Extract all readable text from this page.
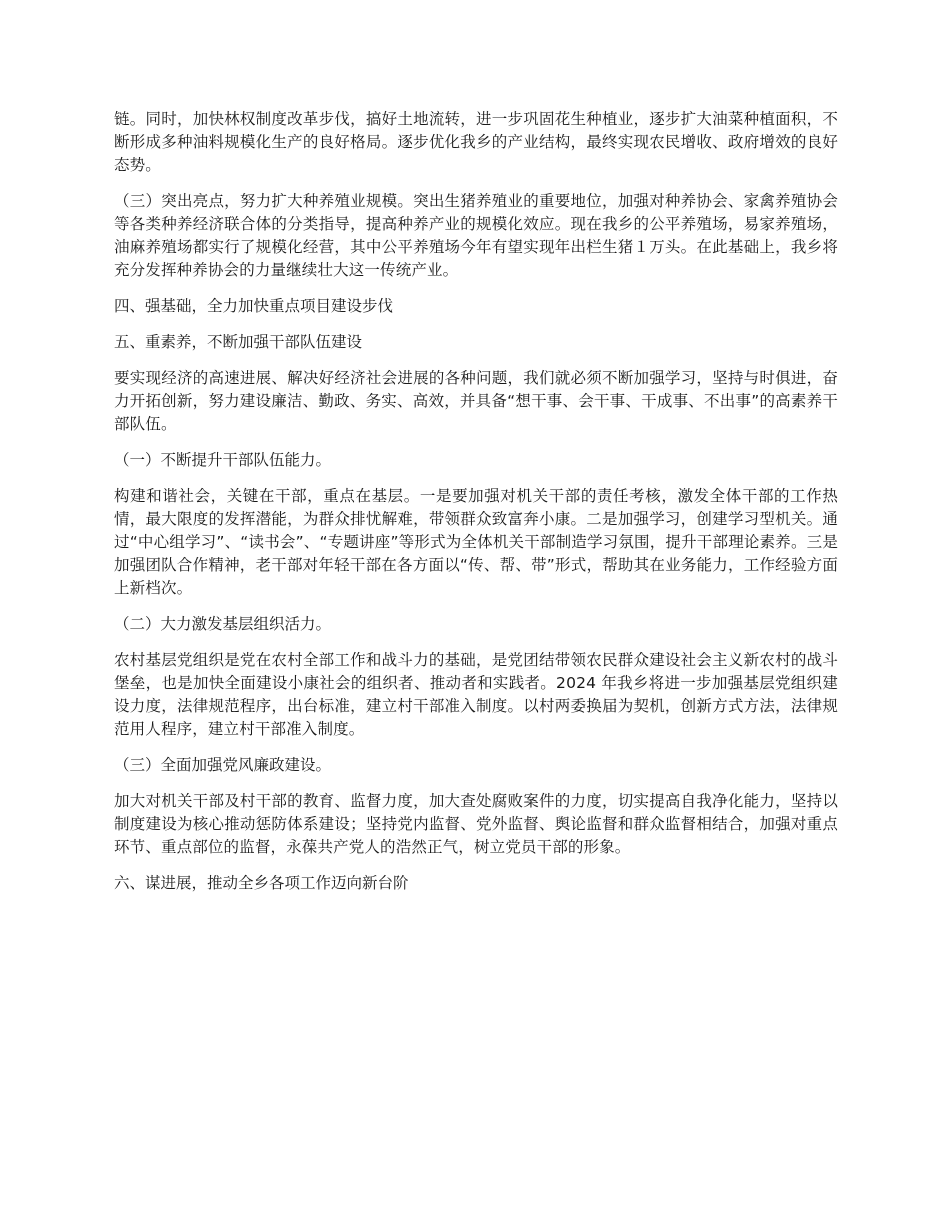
链。同时，加快林权制度改革步伐，搞好土地流转，进一步巩固花生种植业，逐步扩大油菜种植面积，不断形成多种油料规模化生产的良好格局。逐步优化我乡的产业结构，最终实现农民增收、政府增效的良好态势。

（三）突出亮点，努力扩大种养殖业规模。突出生猪养殖业的重要地位，加强对种养协会、家禽养殖协会等各类种养经济联合体的分类指导，提高种养产业的规模化效应。现在我乡的公平养殖场，易家养殖场，油麻养殖场都实行了规模化经营，其中公平养殖场今年有望实现年出栏生猪１万头。在此基础上，我乡将充分发挥种养协会的力量继续壮大这一传统产业。

四、强基础，全力加快重点项目建设步伐

五、重素养，不断加强干部队伍建设

要实现经济的高速进展、解决好经济社会进展的各种问题，我们就必须不断加强学习，坚持与时俱进，奋力开拓创新，努力建设廉洁、勤政、务实、高效，并具备“想干事、会干事、干成事、不出事”的高素养干部队伍。

（一）不断提升干部队伍能力。

构建和谐社会，关键在干部，重点在基层。一是要加强对机关干部的责任考核，激发全体干部的工作热情，最大限度的发挥潜能，为群众排忧解难，带领群众致富奔小康。二是加强学习，创建学习型机关。通过“中心组学习”、“读书会”、“专题讲座”等形式为全体机关干部制造学习氛围，提升干部理论素养。三是加强团队合作精神，老干部对年轻干部在各方面以“传、帮、带”形式，帮助其在业务能力，工作经验方面上新档次。

（二）大力激发基层组织活力。

农村基层党组织是党在农村全部工作和战斗力的基础，是党团结带领农民群众建设社会主义新农村的战斗堡垒，也是加快全面建设小康社会的组织者、推动者和实践者。2024 年我乡将进一步加强基层党组织建设力度，法律规范程序，出台标准，建立村干部准入制度。以村两委换届为契机，创新方式方法，法律规范用人程序，建立村干部准入制度。

（三）全面加强党风廉政建设。

加大对机关干部及村干部的教育、监督力度，加大查处腐败案件的力度，切实提高自我净化能力，坚持以制度建设为核心推动惩防体系建设；坚持党内监督、党外监督、舆论监督和群众监督相结合，加强对重点环节、重点部位的监督，永葆共产党人的浩然正气，树立党员干部的形象。

六、谋进展，推动全乡各项工作迈向新台阶
